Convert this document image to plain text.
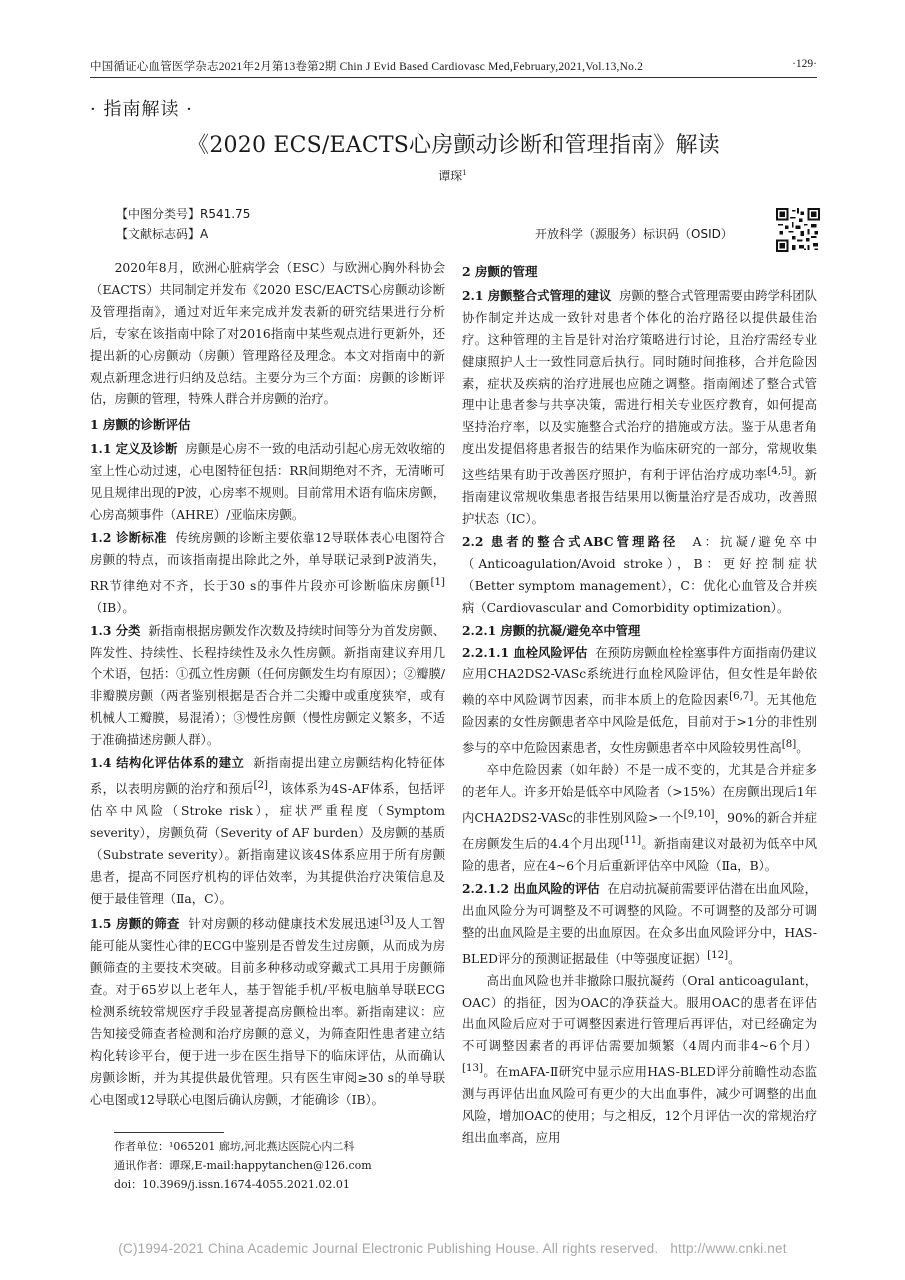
中国循证心血管医学杂志2021年2月第13卷第2期 Chin J Evid Based Cardiovasc Med,February,2021,Vol.13,No.2	·129·
· 指南解读 ·
《2020 ECS/EACTS心房颤动诊断和管理指南》解读
谭琛$^1$
【中图分类号】R541.75
【文献标志码】A	开放科学（源服务）标识码（OSID）

2020年8月，欧洲心脏病学会（ESC）与欧洲心胸外科协会（EACTS）共同制定并发布《2020 ESC/EACTS心房颤动诊断及管理指南》，通过对近年来完成并发表新的研究结果进行分析后，专家在该指南中除了对2016指南中某些观点进行更新外，还提出新的心房颤动（房颤）管理路径及理念。本文对指南中的新观点新理念进行归纳及总结。主要分为三个方面：房颤的诊断评估，房颤的管理，特殊人群合并房颤的治疗。

1 房颤的诊断评估

1.1 定义及诊断 房颤是心房不一致的电活动引起心房无效收缩的室上性心动过速，心电图特征包括：RR间期绝对不齐，无清晰可见且规律出现的P波，心房率不规则。目前常用术语有临床房颤，心房高频事件（AHRE）/亚临床房颤。

1.2 诊断标准 传统房颤的诊断主要依靠12导联体表心电图符合房颤的特点，而该指南提出除此之外，单导联记录到P波消失，RR节律绝对不齐，长于30 s的事件片段亦可诊断临床房颤[1]（ⅠB）。

1.3 分类 新指南根据房颤发作次数及持续时间等分为首发房颤、阵发性、持续性、长程持续性及永久性房颤。新指南建议弃用几个术语，包括：①孤立性房颤（任何房颤发生均有原因）；②瓣膜/非瓣膜房颤（两者鉴别根据是否合并二尖瓣中或重度狭窄，或有机械人工瓣膜，易混淆）；③慢性房颤（慢性房颤定义繁多，不适于准确描述房颤人群）。

1.4 结构化评估体系的建立 新指南提出建立房颤结构化特征体系，以表明房颤的治疗和预后[2]，该体系为4S-AF体系，包括评估卒中风险（Stroke risk），症状严重程度（Symptom severity），房颤负荷（Severity of AF burden）及房颤的基质（Substrate severity）。新指南建议该4S体系应用于所有房颤患者，提高不同医疗机构的评估效率，为其提供治疗决策信息及便于最佳管理（Ⅱa，C）。

1.5 房颤的筛查 针对房颤的移动健康技术发展迅速[3]及人工智能可能从窦性心律的ECG中鉴别是否曾发生过房颤，从而成为房颤筛查的主要技术突破。目前多种移动或穿戴式工具用于房颤筛查。对于65岁以上老年人，基于智能手机/平板电脑单导联ECG检测系统较常规医疗手段显著提高房颤检出率。新指南建议：应告知接受筛查者检测和治疗房颤的意义，为筛查阳性患者建立结构化转诊平台，便于进一步在医生指导下的临床评估，从而确认房颤诊断，并为其提供最优管理。只有医生审阅≥30 s的单导联心电图或12导联心电图后确认房颤，才能确诊（ⅠB）。

2 房颤的管理

2.1 房颤整合式管理的建议 房颤的整合式管理需要由跨学科团队协作制定并达成一致针对患者个体化的治疗路径以提供最佳治疗。这种管理的主旨是针对治疗策略进行讨论，且治疗需经专业健康照护人士一致性同意后执行。同时随时间推移，合并危险因素，症状及疾病的治疗进展也应随之调整。指南阐述了整合式管理中让患者参与共享决策，需进行相关专业医疗教育，如何提高坚持治疗率，以及实施整合式治疗的措施或方法。鉴于从患者角度出发提倡将患者报告的结果作为临床研究的一部分，常规收集这些结果有助于改善医疗照护，有利于评估治疗成功率[4,5]。新指南建议常规收集患者报告结果用以衡量治疗是否成功，改善照护状态（ⅠC）。

2.2 患者的整合式ABC管理路径 A：抗凝/避免卒中（Anticoagulation/Avoid stroke），B：更好控制症状（Better symptom management），C：优化心血管及合并疾病（Cardiovascular and Comorbidity optimization）。

2.2.1 房颤的抗凝/避免卒中管理

2.2.1.1 血栓风险评估 在预防房颤血栓栓塞事件方面指南仍建议应用CHA2DS2-VASc系统进行血栓风险评估，但女性是年龄依赖的卒中风险调节因素，而非本质上的危险因素[6,7]。无其他危险因素的女性房颤患者卒中风险是低危，目前对于>1分的非性别参与的卒中危险因素患者，女性房颤患者卒中风险较男性高[8]。

卒中危险因素（如年龄）不是一成不变的，尤其是合并症多的老年人。许多开始是低卒中风险者（>15%）在房颤出现后1年内CHA2DS2-VASc的非性别风险>一个[9,10]，90%的新合并症在房颤发生后的4.4个月出现[11]。新指南建议对最初为低卒中风险的患者，应在4~6个月后重新评估卒中风险（Ⅱa，B）。

2.2.1.2 出血风险的评估 在启动抗凝前需要评估潜在出血风险，出血风险分为可调整及不可调整的风险。不可调整的及部分可调整的出血风险是主要的出血原因。在众多出血风险评分中，HAS-BLED评分的预测证据最佳（中等强度证据）[12]。

高出血风险也并非撤除口服抗凝药（Oral anticoagulant，OAC）的指征，因为OAC的净获益大。服用OAC的患者在评估出血风险后应对于可调整因素进行管理后再评估，对已经确定为不可调整因素者的再评估需要加频繁（4周内而非4~6个月）[13]。在mAFA-Ⅱ研究中显示应用HAS-BLED评分前瞻性动态监测与再评估出血风险可有更少的大出血事件，减少可调整的出血风险，增加OAC的使用；与之相反，12个月评估一次的常规治疗组出血率高，应用

作者单位：¹065201 廊坊,河北燕达医院心内二科

通讯作者：谭琛,E-mail:happytanchen@126.com

doi：10.3969/j.issn.1674-4055.2021.02.01

(C)1994-2021 China Academic Journal Electronic Publishing House. All rights reserved. http://www.cnki.net
